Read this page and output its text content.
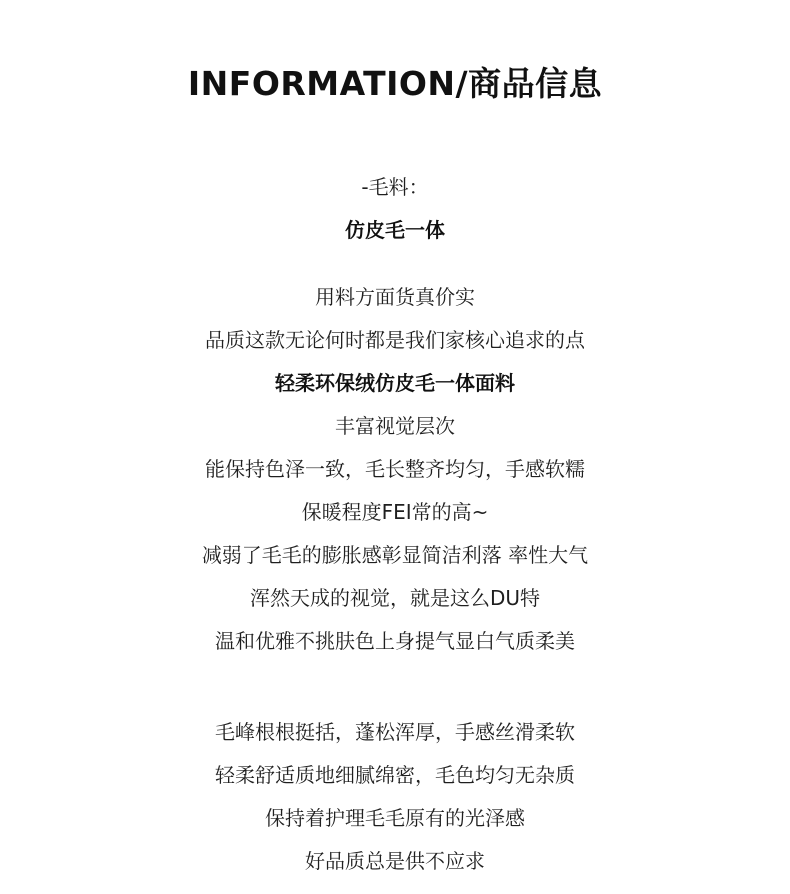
INFORMATION/商品信息
-毛料：
仿皮毛一体
用料方面货真价实
品质这款无论何时都是我们家核心追求的点
轻柔环保绒仿皮毛一体面料
丰富视觉层次
能保持色泽一致，毛长整齐均匀，手感软糯
保暖程度FEI常的高~
减弱了毛毛的膨胀感彰显简洁利落 率性大气
浑然天成的视觉，就是这么DU特
温和优雅不挑肤色上身提气显白气质柔美
毛峰根根挺括，蓬松浑厚，手感丝滑柔软
轻柔舒适质地细腻绵密，毛色均匀无杂质
保持着护理毛毛原有的光泽感
好品质总是供不应求
